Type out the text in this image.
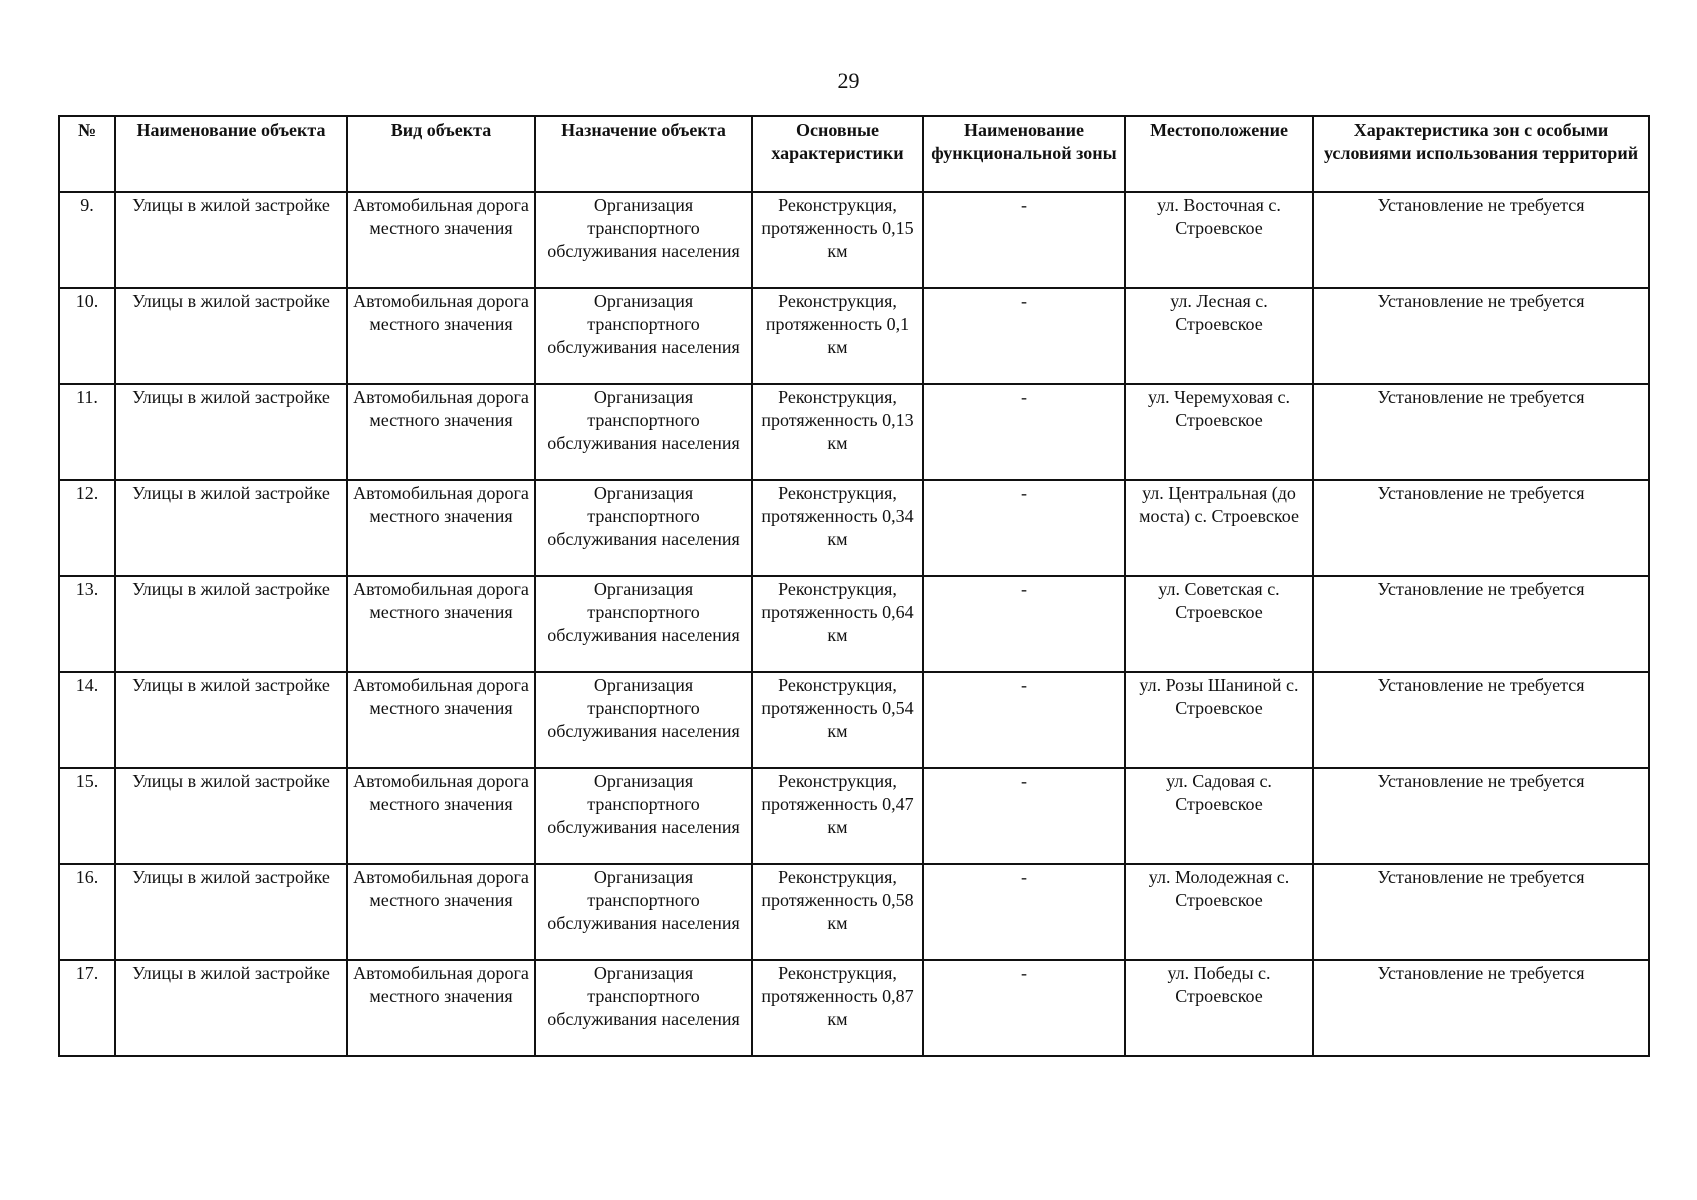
29
№	Наименование объекта	Вид объекта	Назначение объекта	Основные характеристики	Наименование функциональной зоны	Местоположение	Характеристика зон с особыми условиями использования территорий
9.	Улицы в жилой застройке	Автомобильная дорога местного значения	Организация транспортного обслуживания населения	Реконструкция, протяженность 0,15 км	-	ул. Восточная с. Строевское	Установление не требуется
10.	Улицы в жилой застройке	Автомобильная дорога местного значения	Организация транспортного обслуживания населения	Реконструкция, протяженность 0,1 км	-	ул. Лесная с. Строевское	Установление не требуется
11.	Улицы в жилой застройке	Автомобильная дорога местного значения	Организация транспортного обслуживания населения	Реконструкция, протяженность 0,13 км	-	ул. Черемуховая с. Строевское	Установление не требуется
12.	Улицы в жилой застройке	Автомобильная дорога местного значения	Организация транспортного обслуживания населения	Реконструкция, протяженность 0,34 км	-	ул. Центральная (до моста) с. Строевское	Установление не требуется
13.	Улицы в жилой застройке	Автомобильная дорога местного значения	Организация транспортного обслуживания населения	Реконструкция, протяженность 0,64 км	-	ул. Советская с. Строевское	Установление не требуется
14.	Улицы в жилой застройке	Автомобильная дорога местного значения	Организация транспортного обслуживания населения	Реконструкция, протяженность 0,54 км	-	ул. Розы Шаниной с. Строевское	Установление не требуется
15.	Улицы в жилой застройке	Автомобильная дорога местного значения	Организация транспортного обслуживания населения	Реконструкция, протяженность 0,47 км	-	ул. Садовая с. Строевское	Установление не требуется
16.	Улицы в жилой застройке	Автомобильная дорога местного значения	Организация транспортного обслуживания населения	Реконструкция, протяженность 0,58 км	-	ул. Молодежная с. Строевское	Установление не требуется
17.	Улицы в жилой застройке	Автомобильная дорога местного значения	Организация транспортного обслуживания населения	Реконструкция, протяженность 0,87 км	-	ул. Победы с. Строевское	Установление не требуется
